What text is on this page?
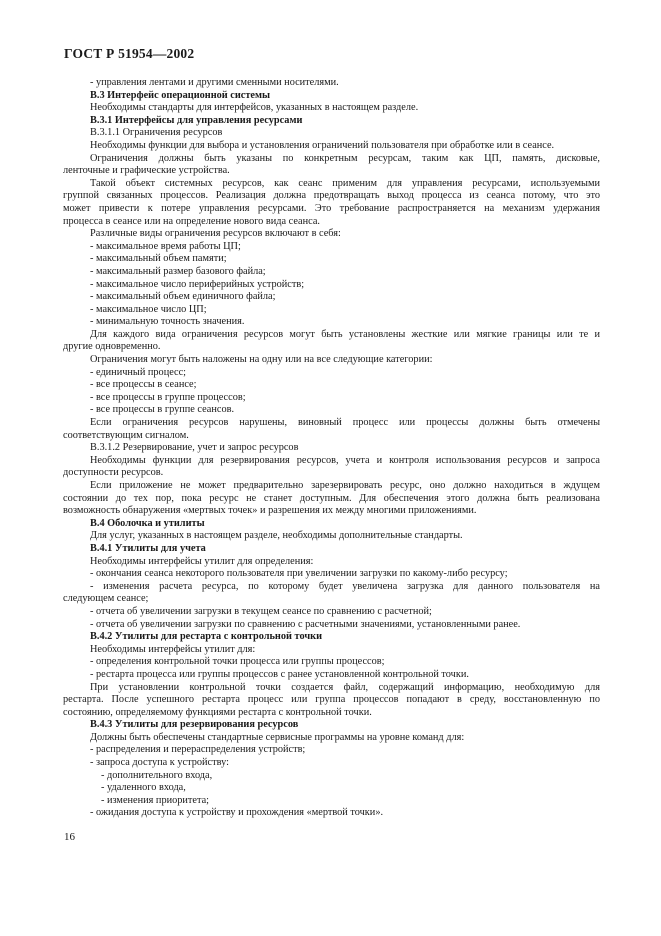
ГОСТ Р 51954—2002

- управления лентами и другими сменными носителями.

В.3 Интерфейс операционной системы

Необходимы стандарты для интерфейсов, указанных в настоящем разделе.

В.3.1 Интерфейсы для управления ресурсами

В.3.1.1 Ограничения ресурсов

Необходимы функции для выбора и установления ограничений пользователя при обработке или в сеансе.

Ограничения должны быть указаны по конкретным ресурсам, таким как ЦП, память, дисковые,

ленточные и графические устройства.

Такой объект системных ресурсов, как сеанс применим для управления ресурсами, используемыми

группой связанных процессов. Реализация должна предотвращать выход процесса из сеанса потому, что это

может привести к потере управления ресурсами. Это требование распространяется на механизм удержания

процесса в сеансе или на определение нового вида сеанса.

Различные виды ограничения ресурсов включают в себя:

- максимальное время работы ЦП;

- максимальный объем памяти;

- максимальный размер базового файла;

- максимальное число периферийных устройств;

- максимальный объем единичного файла;

- максимальное число ЦП;

- минимальную точность значения.

Для каждого вида ограничения ресурсов могут быть установлены жесткие или мягкие границы или те и

другие одновременно.

Ограничения могут быть наложены на одну или на все следующие категории:

- единичный процесс;

- все процессы в сеансе;

- все процессы в группе процессов;

- все процессы в группе сеансов.

Если ограничения ресурсов нарушены, виновный процесс или процессы должны быть отмечены

соответствующим сигналом.

В.3.1.2 Резервирование, учет и запрос ресурсов

Необходимы функции для резервирования ресурсов, учета и контроля использования ресурсов и запроса

доступности ресурсов.

Если приложение не может предварительно зарезервировать ресурс, оно должно находиться в ждущем

состоянии до тех пор, пока ресурс не станет доступным. Для обеспечения этого должна быть реализована

возможность обнаружения «мертвых точек» и разрешения их между многими приложениями.

В.4 Оболочка и утилиты

Для услуг, указанных в настоящем разделе, необходимы дополнительные стандарты.

В.4.1 Утилиты для учета

Необходимы интерфейсы утилит для определения:

- окончания сеанса некоторого пользователя при увеличении загрузки по какому-либо ресурсу;

- изменения расчета ресурса, по которому будет увеличена загрузка для данного пользователя на

следующем сеансе;

- отчета об увеличении загрузки в текущем сеансе по сравнению с расчетной;

- отчета об увеличении загрузки по сравнению с расчетными значениями, установленными ранее.

В.4.2 Утилиты для рестарта с контрольной точки

Необходимы интерфейсы утилит для:

- определения контрольной точки процесса или группы процессов;

- рестарта процесса или группы процессов с ранее установленной контрольной точки.

При установлении контрольной точки создается файл, содержащий информацию, необходимую для

рестарта. После успешного рестарта процесс или группа процессов попадают в среду, восстановленную по

состоянию, определяемому функциями рестарта с контрольной точки.

В.4.3 Утилиты для резервирования ресурсов

Должны быть обеспечены стандартные сервисные программы на уровне команд для:

- распределения и перераспределения устройств;

- запроса доступа к устройству:

- дополнительного входа,

- удаленного входа,

- изменения приоритета;

- ожидания доступа к устройству и прохождения «мертвой точки».

16
